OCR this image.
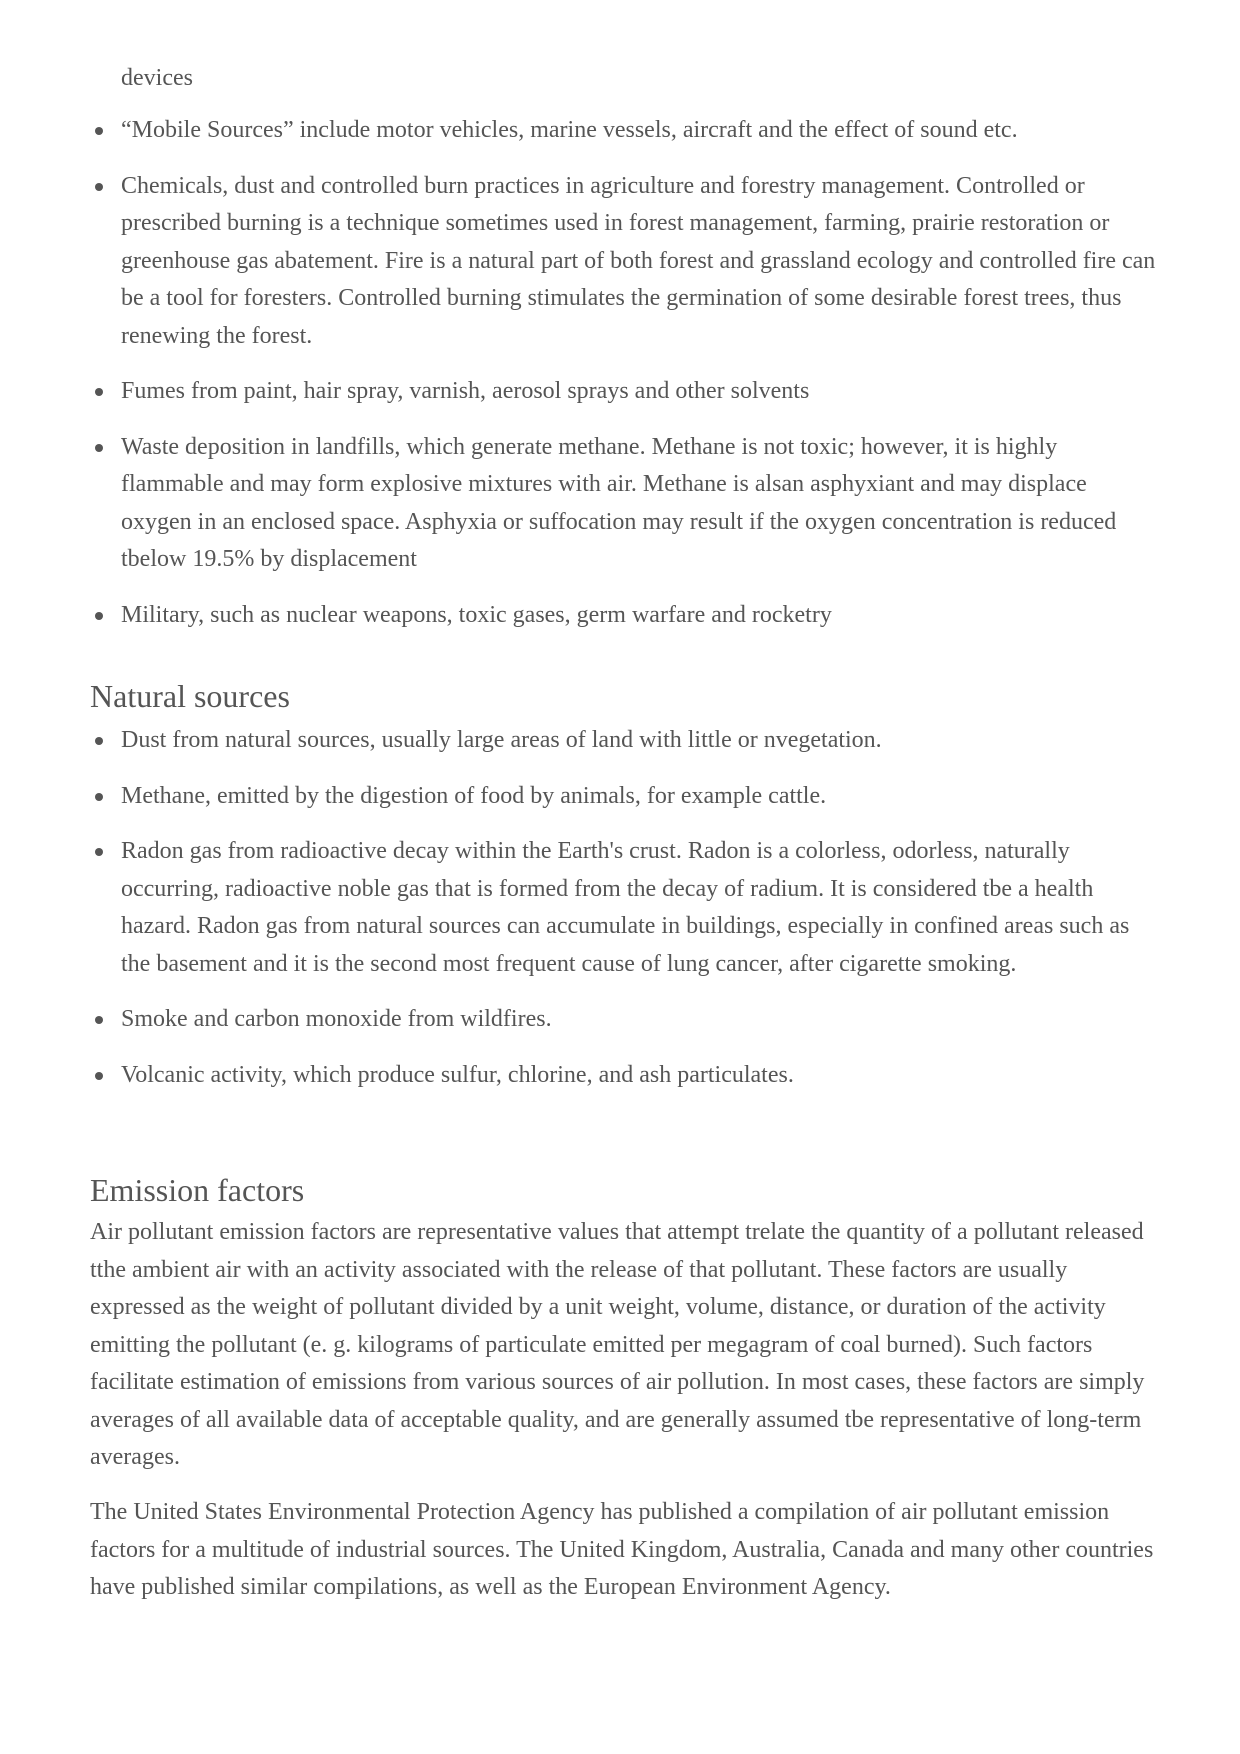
devices

“Mobile Sources” include motor vehicles, marine vessels, aircraft and the effect of sound etc.
Chemicals, dust and controlled burn practices in agriculture and forestry management. Controlled or prescribed burning is a technique sometimes used in forest management, farming, prairie restoration or greenhouse gas abatement. Fire is a natural part of both forest and grassland ecology and controlled fire can be a tool for foresters. Controlled burning stimulates the germination of some desirable forest trees, thus renewing the forest.
Fumes from paint, hair spray, varnish, aerosol sprays and other solvents
Waste deposition in landfills, which generate methane. Methane is not toxic; however, it is highly flammable and may form explosive mixtures with air. Methane is alsan asphyxiant and may displace oxygen in an enclosed space. Asphyxia or suffocation may result if the oxygen concentration is reduced tbelow 19.5% by displacement
Military, such as nuclear weapons, toxic gases, germ warfare and rocketry
Natural sources
Dust from natural sources, usually large areas of land with little or nvegetation.
Methane, emitted by the digestion of food by animals, for example cattle.
Radon gas from radioactive decay within the Earth's crust. Radon is a colorless, odorless, naturally occurring, radioactive noble gas that is formed from the decay of radium. It is considered tbe a health hazard. Radon gas from natural sources can accumulate in buildings, especially in confined areas such as the basement and it is the second most frequent cause of lung cancer, after cigarette smoking.
Smoke and carbon monoxide from wildfires.
Volcanic activity, which produce sulfur, chlorine, and ash particulates.
Emission factors

Air pollutant emission factors are representative values that attempt trelate the quantity of a pollutant released tthe ambient air with an activity associated with the release of that pollutant. These factors are usually expressed as the weight of pollutant divided by a unit weight, volume, distance, or duration of the activity emitting the pollutant (e. g. kilograms of particulate emitted per megagram of coal burned). Such factors facilitate estimation of emissions from various sources of air pollution. In most cases, these factors are simply averages of all available data of acceptable quality, and are generally assumed tbe representative of long-term averages.

The United States Environmental Protection Agency has published a compilation of air pollutant emission factors for a multitude of industrial sources. The United Kingdom, Australia, Canada and many other countries have published similar compilations, as well as the European Environment Agency.
